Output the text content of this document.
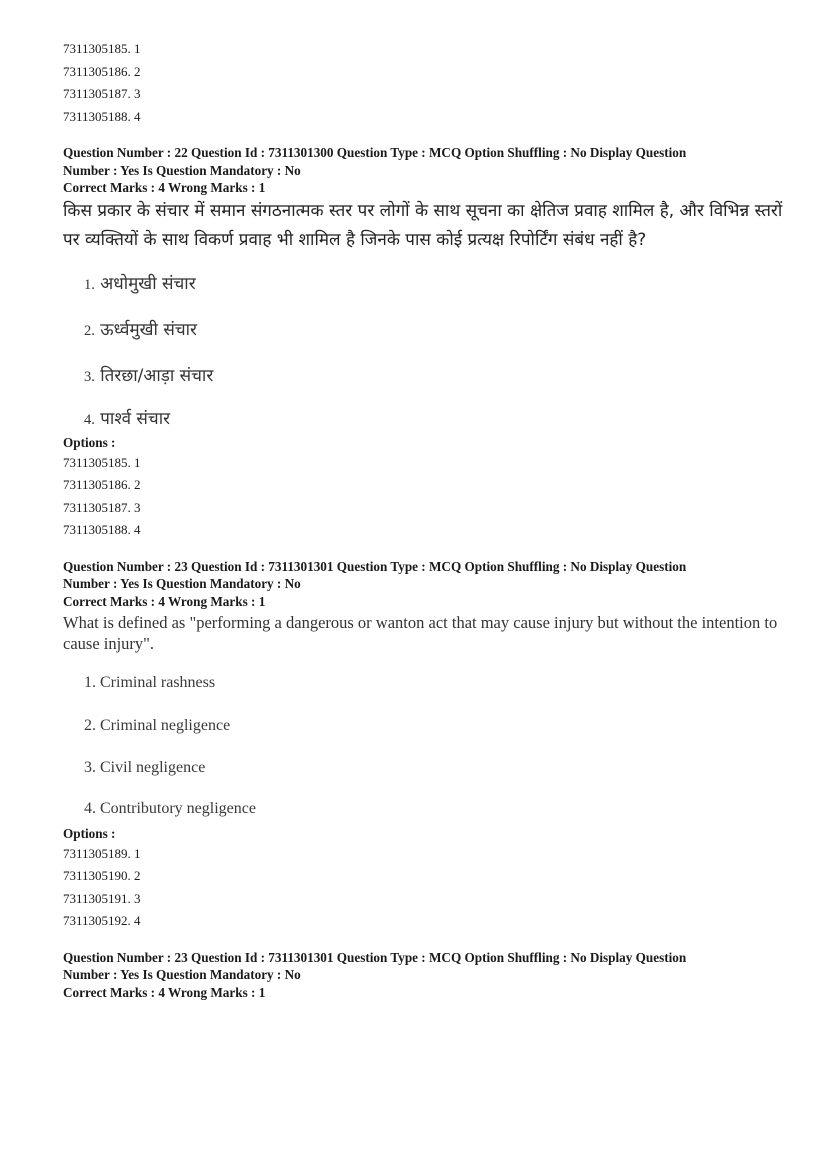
7311305185. 1

7311305186. 2

7311305187. 3

7311305188. 4

Question Number : 22 Question Id : 7311301300 Question Type : MCQ Option Shuffling : No Display Question

Number : Yes Is Question Mandatory : No

Correct Marks : 4 Wrong Marks : 1

किस प्रकार के संचार में समान संगठनात्मक स्तर पर लोगों के साथ सूचना का क्षेतिज प्रवाह शामिल है, और विभिन्न स्तरों पर व्यक्तियों के साथ विकर्ण प्रवाह भी शामिल है जिनके पास कोई प्रत्यक्ष रिपोर्टिंग संबंध नहीं है?

1. अधोमुखी संचार

2. ऊर्ध्वमुखी संचार

3. तिरछा/आड़ा संचार

4. पार्श्व संचार

Options :

7311305185. 1

7311305186. 2

7311305187. 3

7311305188. 4

Question Number : 23 Question Id : 7311301301 Question Type : MCQ Option Shuffling : No Display Question

Number : Yes Is Question Mandatory : No

Correct Marks : 4 Wrong Marks : 1

What is defined as "performing a dangerous or wanton act that may cause injury but without the intention to cause injury".

1. Criminal rashness

2. Criminal negligence

3. Civil negligence

4. Contributory negligence

Options :

7311305189. 1

7311305190. 2

7311305191. 3

7311305192. 4

Question Number : 23 Question Id : 7311301301 Question Type : MCQ Option Shuffling : No Display Question

Number : Yes Is Question Mandatory : No

Correct Marks : 4 Wrong Marks : 1
